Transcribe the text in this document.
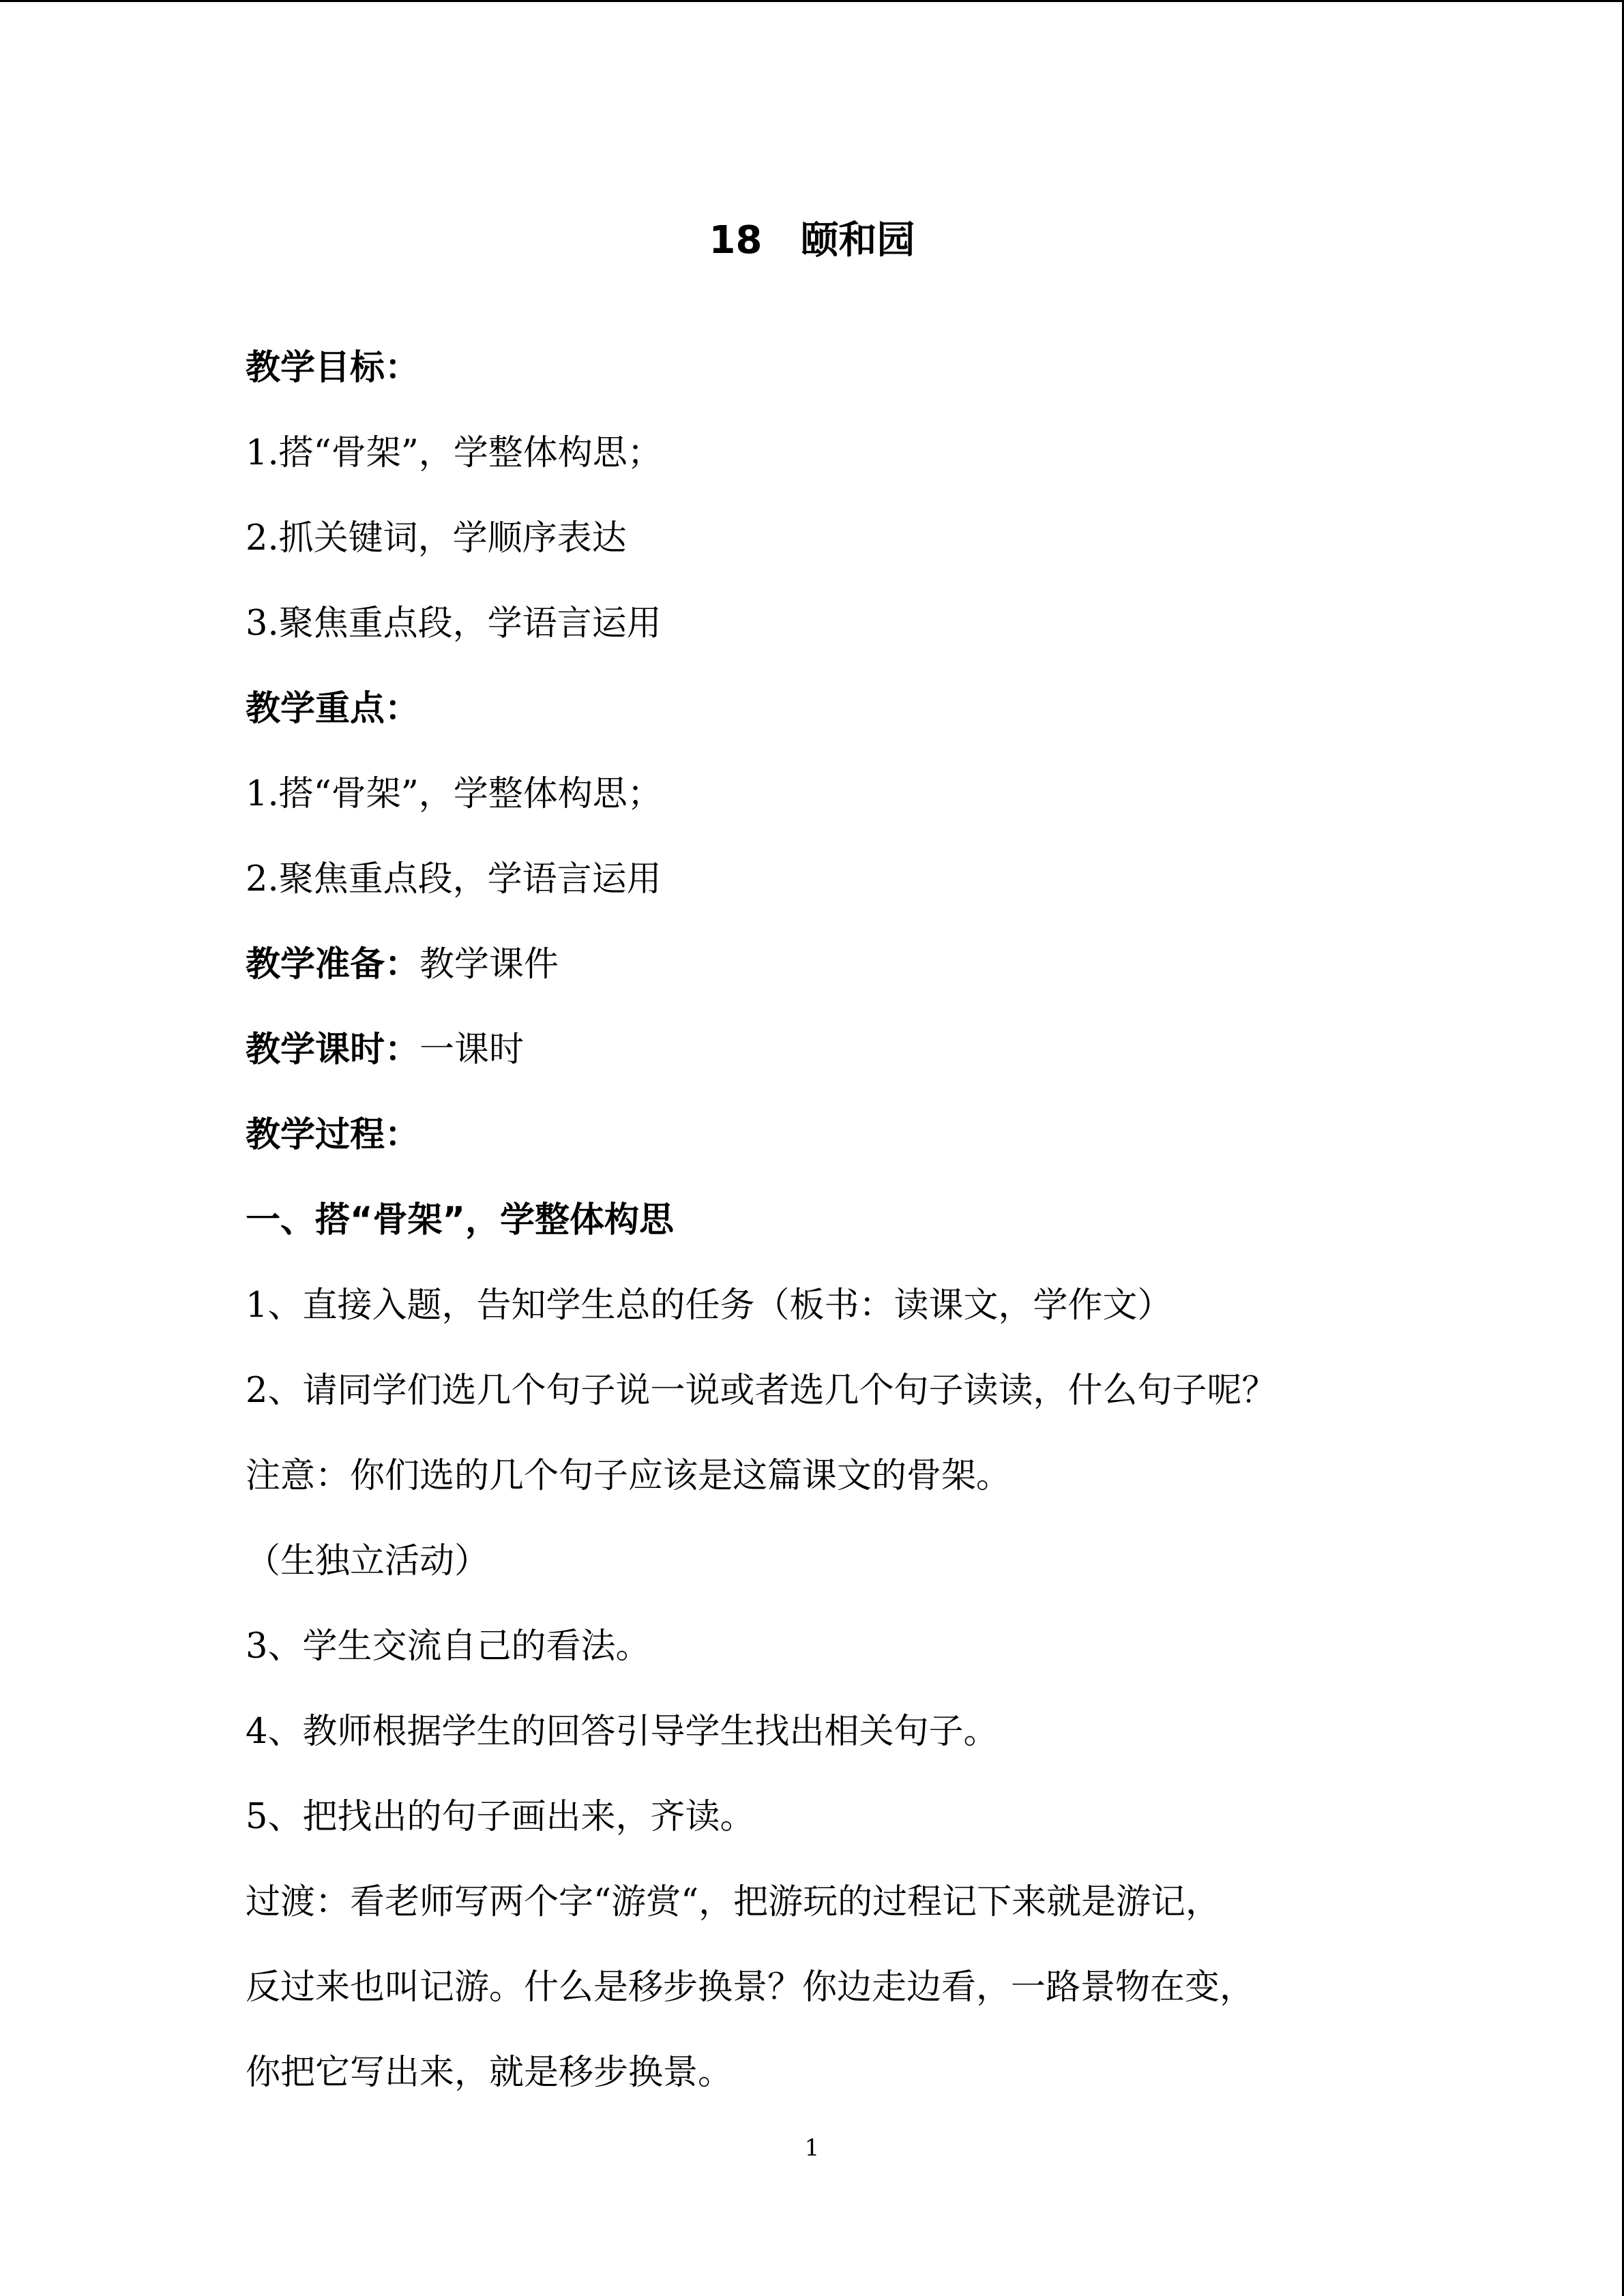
18　颐和园
教学目标：
1.搭“骨架”，学整体构思；
2.抓关键词，学顺序表达
3.聚焦重点段，学语言运用
教学重点：
1.搭“骨架”，学整体构思；
2.聚焦重点段，学语言运用
教学准备：教学课件
教学课时：一课时
教学过程：
一、搭“骨架”，学整体构思
1、直接入题，告知学生总的任务（板书：读课文，学作文）
2、请同学们选几个句子说一说或者选几个句子读读，什么句子呢？
注意：你们选的几个句子应该是这篇课文的骨架。
（生独立活动）
3、学生交流自己的看法。
4、教师根据学生的回答引导学生找出相关句子。
5、把找出的句子画出来，齐读。
过渡：看老师写两个字“游赏“，把游玩的过程记下来就是游记，
反过来也叫记游。什么是移步换景？你边走边看，一路景物在变，
你把它写出来，就是移步换景。
1
